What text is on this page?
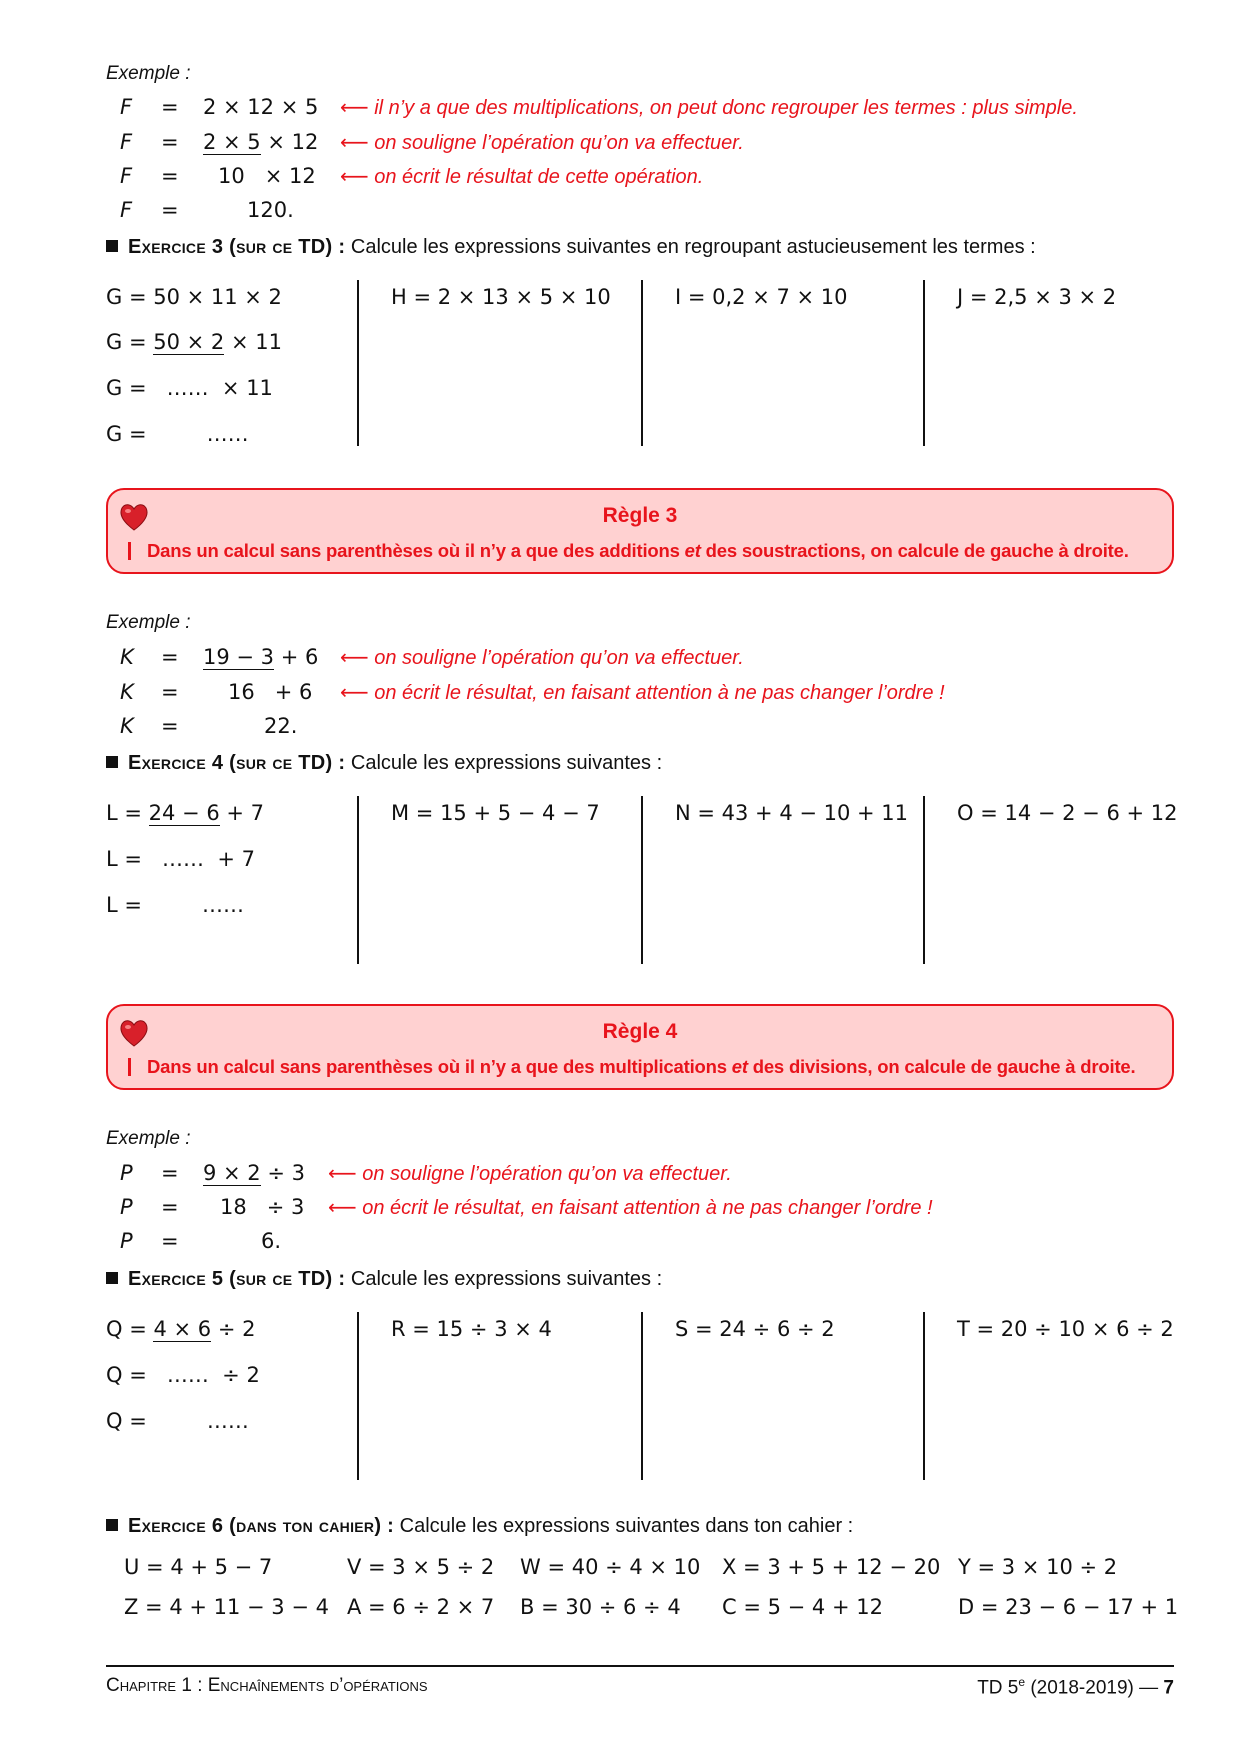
Exemple :
F = 2 × 12 × 5 ⟵ il n’y a que des multiplications, on peut donc regrouper les termes : plus simple.
F = 2 × 5 × 12 ⟵ on souligne l’opération qu’on va effectuer.
F = 10   × 12 ⟵ on écrit le résultat de cette opération.
F =	120.
Exercice 3 (sur ce TD) : Calcule les expressions suivantes en regroupant astucieusement les termes :
G = 50 × 11 × 2
G = 50 × 2 × 11
G =   ……  × 11
G =         ……
H = 2 × 13 × 5 × 10	I = 0,2 × 7 × 10	J = 2,5 × 3 × 2
Règle 3
Dans un calcul sans parenthèses où il n’y a que des additions et des soustractions, on calcule de gauche à droite.
Exemple :
K = 19 − 3 + 6 ⟵ on souligne l’opération qu’on va effectuer.
K = 16   + 6 ⟵ on écrit le résultat, en faisant attention à ne pas changer l’ordre !
K =	22.
Exercice 4 (sur ce TD) : Calcule les expressions suivantes :
L = 24 − 6 + 7
L =   ……  + 7
L =         ……
M = 15 + 5 − 4 − 7	N = 43 + 4 − 10 + 11 O = 14 − 2 − 6 + 12
Règle 4
Dans un calcul sans parenthèses où il n’y a que des multiplications et des divisions, on calcule de gauche à droite.
Exemple :
P = 9 × 2 ÷ 3 ⟵ on souligne l’opération qu’on va effectuer.
P = 18   ÷ 3 ⟵ on écrit le résultat, en faisant attention à ne pas changer l’ordre !
P =	6.
Exercice 5 (sur ce TD) : Calcule les expressions suivantes :
Q = 4 × 6 ÷ 2
Q =   ……  ÷ 2
Q =         ……
R = 15 ÷ 3 × 4	S = 24 ÷ 6 ÷ 2	T = 20 ÷ 10 × 6 ÷ 2
Exercice 6 (dans ton cahier) : Calcule les expressions suivantes dans ton cahier :
U = 4 + 5 − 7	V = 3 × 5 ÷ 2 W = 40 ÷ 4 × 10 X = 3 + 5 + 12 − 20 Y = 3 × 10 ÷ 2
Z = 4 + 11 − 3 − 4 A = 6 ÷ 2 × 7 B = 30 ÷ 6 ÷ 4 C = 5 − 4 + 12	D = 23 − 6 − 17 + 1
Chapitre 1 : Enchaînements d’opérations	TD 5e (2018-2019) — 7
